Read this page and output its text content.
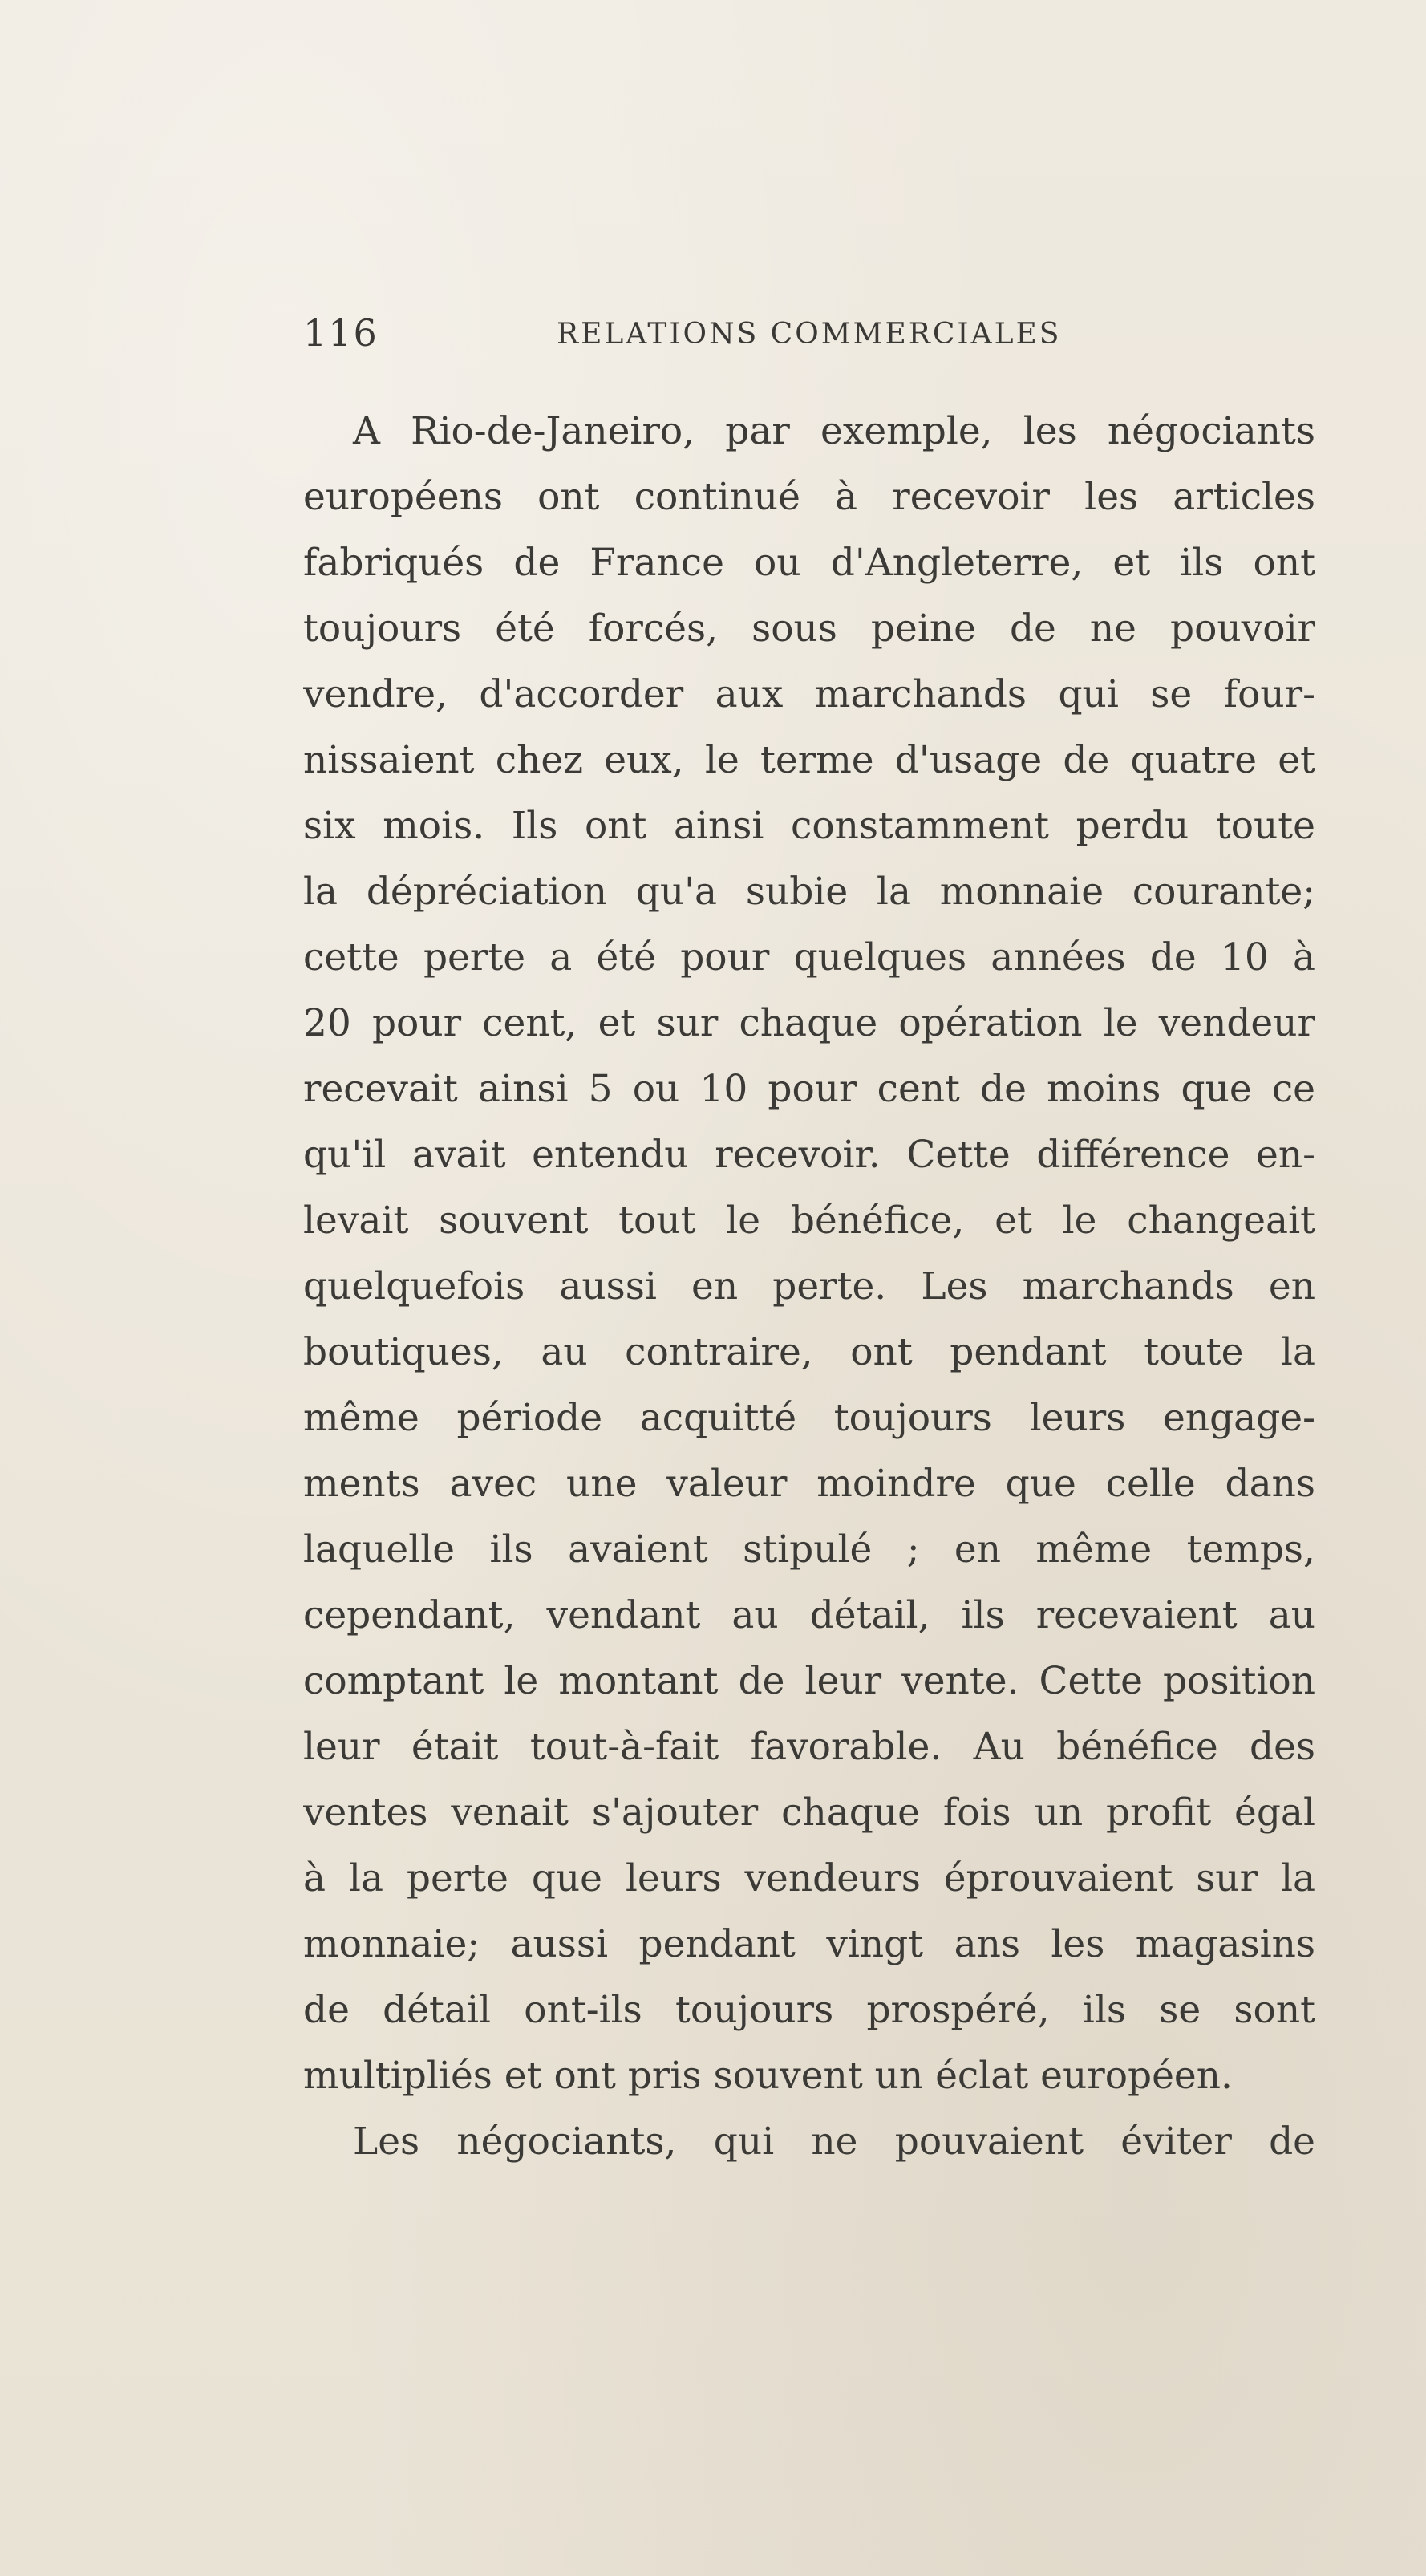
116	RELATIONS COMMERCIALES
A Rio-de-Janeiro, par exemple, les négociants
européens ont continué à recevoir les articles
fabriqués de France ou d'Angleterre, et ils ont
toujours été forcés, sous peine de ne pouvoir
vendre, d'accorder aux marchands qui se four-
nissaient chez eux, le terme d'usage de quatre et
six mois. Ils ont ainsi constamment perdu toute
la dépréciation qu'a subie la monnaie courante;
cette perte a été pour quelques années de 10 à
20 pour cent, et sur chaque opération le vendeur
recevait ainsi 5 ou 10 pour cent de moins que ce
qu'il avait entendu recevoir. Cette différence en-
levait souvent tout le bénéfice, et le changeait
quelquefois aussi en perte. Les marchands en
boutiques, au contraire, ont pendant toute la
même période acquitté toujours leurs engage-
ments avec une valeur moindre que celle dans
laquelle ils avaient stipulé ; en même temps,
cependant, vendant au détail, ils recevaient au
comptant le montant de leur vente. Cette position
leur était tout-à-fait favorable. Au bénéfice des
ventes venait s'ajouter chaque fois un profit égal
à la perte que leurs vendeurs éprouvaient sur la
monnaie; aussi pendant vingt ans les magasins
de détail ont-ils toujours prospéré, ils se sont
multipliés et ont pris souvent un éclat européen.
Les négociants, qui ne pouvaient éviter de
